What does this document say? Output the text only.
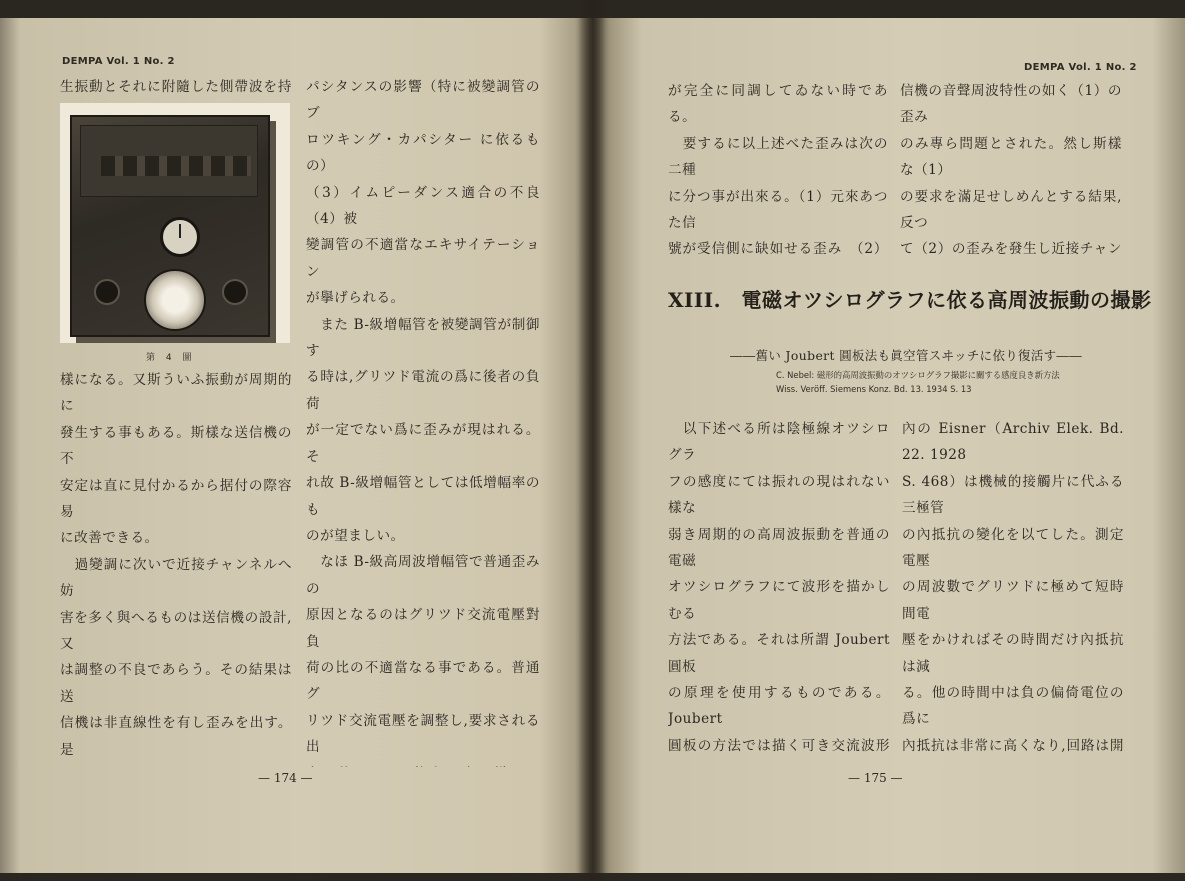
DEMPA Vol. 1 No. 2

生振動とそれに附隨した側帶波を持

第 4 圖

樣になる。又斯ういふ振動が周期的に
發生する事もある。斯樣な送信機の不
安定は直に見付かるから据付の際容易
に改善できる。
　過變調に次いで近接チャンネルへ妨
害を多く與へるものは送信機の設計,又
は調整の不良であらう。その結果は送
信機は非直線性を有し歪みを出す。是

パシタンスの影響（特に被變調管のブ
ロツキング・カパシター に依るもの）
（3）イムピーダンス適合の不良（4）被
變調管の不適當なエキサイテーション
が擧げられる。
　また B-級增幅管を被變調管が制御す
る時は,グリツド電流の爲に後者の負荷
が一定でない爲に歪みが現はれる。そ
れ故 B-級增幅管としては低增幅率のも
のが望ましい。
　なほ B-級高周波增幅管で普通歪みの
原因となるのはグリツド交流電壓對負
荷の比の不適當なる事である。普通グ
リツド交流電壓を調整し,要求される出

— 174 —
DEMPA Vol. 1 No. 2

が完全に同調してゐない時である。
　要するに以上述べた歪みは次の二種
に分つ事が出來る。（1）元來あつた信
號が受信側に缺如せる歪み　（2）

信機の音聲周波特性の如く（1）の歪み
のみ專ら問題とされた。然し斯樣な（1）
の要求を滿足せしめんとする結果,反つ
て（2）の歪みを發生し近接チャン

XIII.　電磁オツシログラフに依る高周波振動の撮影
――舊い Joubert 圓板法も眞空管スヰッチに依り復活す――
C. Nebel: 磁形的高周波振動のオツシログラフ撮影に關する感度良き新方法
Wiss. Veröff. Siemens Konz. Bd. 13. 1934 S. 13

　以下述べる所は陰極線オツシログラ
フの感度にては振れの現はれない樣な
弱き周期的の高周波振動を普通の電磁
オツシログラフにて波形を描かしむる
方法である。それは所謂 Joubert 圓板
の原理を使用するものである。Joubert
圓板の方法では描く可き交流波形

內の Eisner（Archiv Elek. Bd. 22. 1928
S. 468）は機械的接觸片に代ふる三極管
の內抵抗の變化を以てした。測定電壓
の周波數でグリツドに極めて短時間電
壓をかければその時間だけ內抵抗は減
る。他の時間中は負の偏倚電位の爲に
內抵抗は非常に高くなり,回路は開

— 175 —
